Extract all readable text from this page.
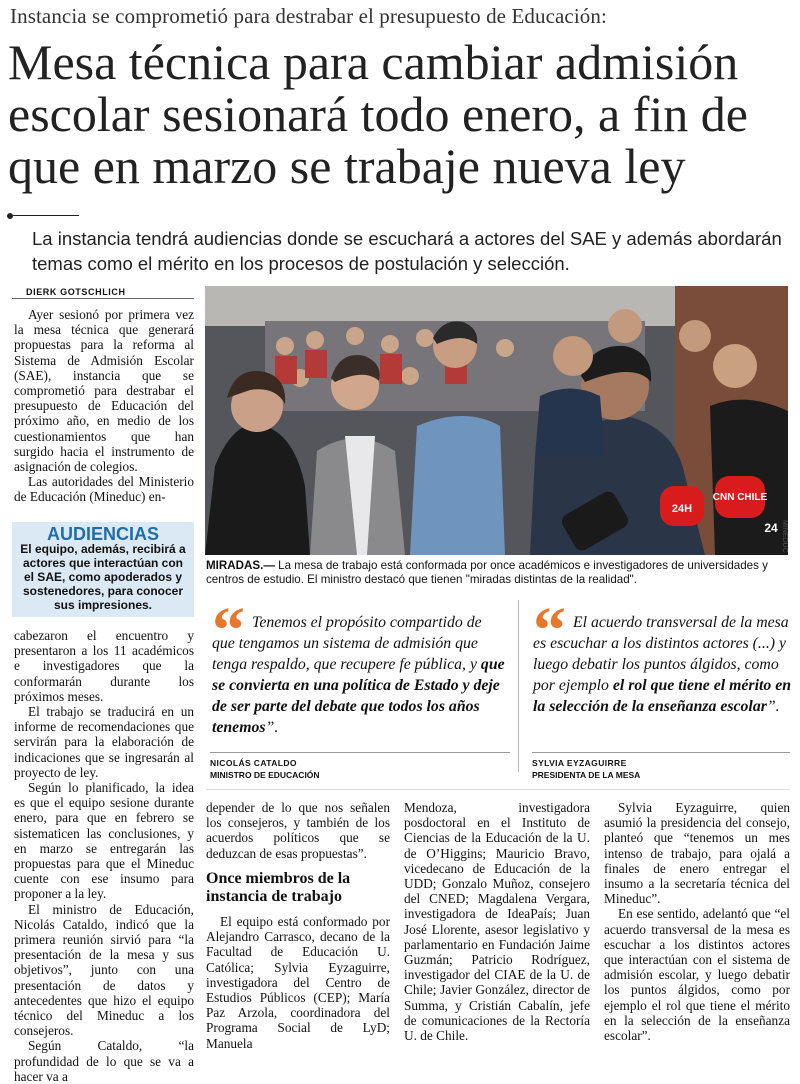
Instancia se comprometió para destrabar el presupuesto de Educación:
Mesa técnica para cambiar admisión escolar sesionará todo enero, a fin de que en marzo se trabaje nueva ley
La instancia tendrá audiencias donde se escuchará a actores del SAE y además abordarán temas como el mérito en los procesos de postulación y selección.
DIERK GOTSCHLICH

Ayer sesionó por primera vez la mesa técnica que generará propuestas para la reforma al Sistema de Admisión Escolar (SAE), instancia que se comprometió para destrabar el presupuesto de Educación del próximo año, en medio de los cuestionamientos que han surgido hacia el instrumento de asignación de colegios.

Las autoridades del Ministerio de Educación (Mineduc) en-

AUDIENCIAS
El equipo, además, recibirá a actores que interactúan con el SAE, como apoderados y sostenedores, para conocer sus impresiones.

cabezaron el encuentro y presentaron a los 11 académicos e investigadores que la conformarán durante los próximos meses.

El trabajo se traducirá en un informe de recomendaciones que servirán para la elaboración de indicaciones que se ingresarán al proyecto de ley.

Según lo planificado, la idea es que el equipo sesione durante enero, para que en febrero se sistematicen las conclusiones, y en marzo se entregarán las propuestas para que el Mineduc cuente con ese insumo para proponer a la ley.

El ministro de Educación, Nicolás Cataldo, indicó que la primera reunión sirvió para “la presentación de la mesa y sus objetivos”, junto con una presentación de datos y antecedentes que hizo el equipo técnico del Mineduc a los consejeros.

Según Cataldo, “la profundidad de lo que se va a hacer va a

24H
CNN CHILE
24 MINEDUC
MIRADAS.— La mesa de trabajo está conformada por once académicos e investigadores de universidades y centros de estudio. El ministro destacó que tienen "miradas distintas de la realidad".
“ Tenemos el propósito compartido de que tengamos un sistema de admisión que tenga respaldo, que recupere fe pública, y que se convierta en una política de Estado y deje de ser parte del debate que todos los años tenemos”.
NICOLÁS CATALDO
MINISTRO DE EDUCACIÓN
“ El acuerdo transversal de la mesa es escuchar a los distintos actores (...) y luego debatir los puntos álgidos, como por ejemplo el rol que tiene el mérito en la selección de la enseñanza escolar”.
SYLVIA EYZAGUIRRE
PRESIDENTA DE LA MESA

depender de lo que nos señalen los consejeros, y también de los acuerdos políticos que se deduzcan de esas propuestas”.

Once miembros de la instancia de trabajo

El equipo está conformado por Alejandro Carrasco, decano de la Facultad de Educación U. Católica; Sylvia Eyzaguirre, investigadora del Centro de Estudios Públicos (CEP); María Paz Arzola, coordinadora del Programa Social de LyD; Manuela

Mendoza, investigadora posdoctoral en el Instituto de Ciencias de la Educación de la U. de O’Higgins; Mauricio Bravo, vicedecano de Educación de la UDD; Gonzalo Muñoz, consejero del CNED; Magdalena Vergara, investigadora de IdeaPaís; Juan José Llorente, asesor legislativo y parlamentario en Fundación Jaime Guzmán; Patricio Rodríguez, investigador del CIAE de la U. de Chile; Javier González, director de Summa, y Cristián Cabalín, jefe de comunicaciones de la Rectoría U. de Chile.

Sylvia Eyzaguirre, quien asumió la presidencia del consejo, planteó que “tenemos un mes intenso de trabajo, para ojalá a finales de enero entregar el insumo a la secretaría técnica del Mineduc”.

En ese sentido, adelantó que “el acuerdo transversal de la mesa es escuchar a los distintos actores que interactúan con el sistema de admisión escolar, y luego debatir los puntos álgidos, como por ejemplo el rol que tiene el mérito en la selección de la enseñanza escolar”.
